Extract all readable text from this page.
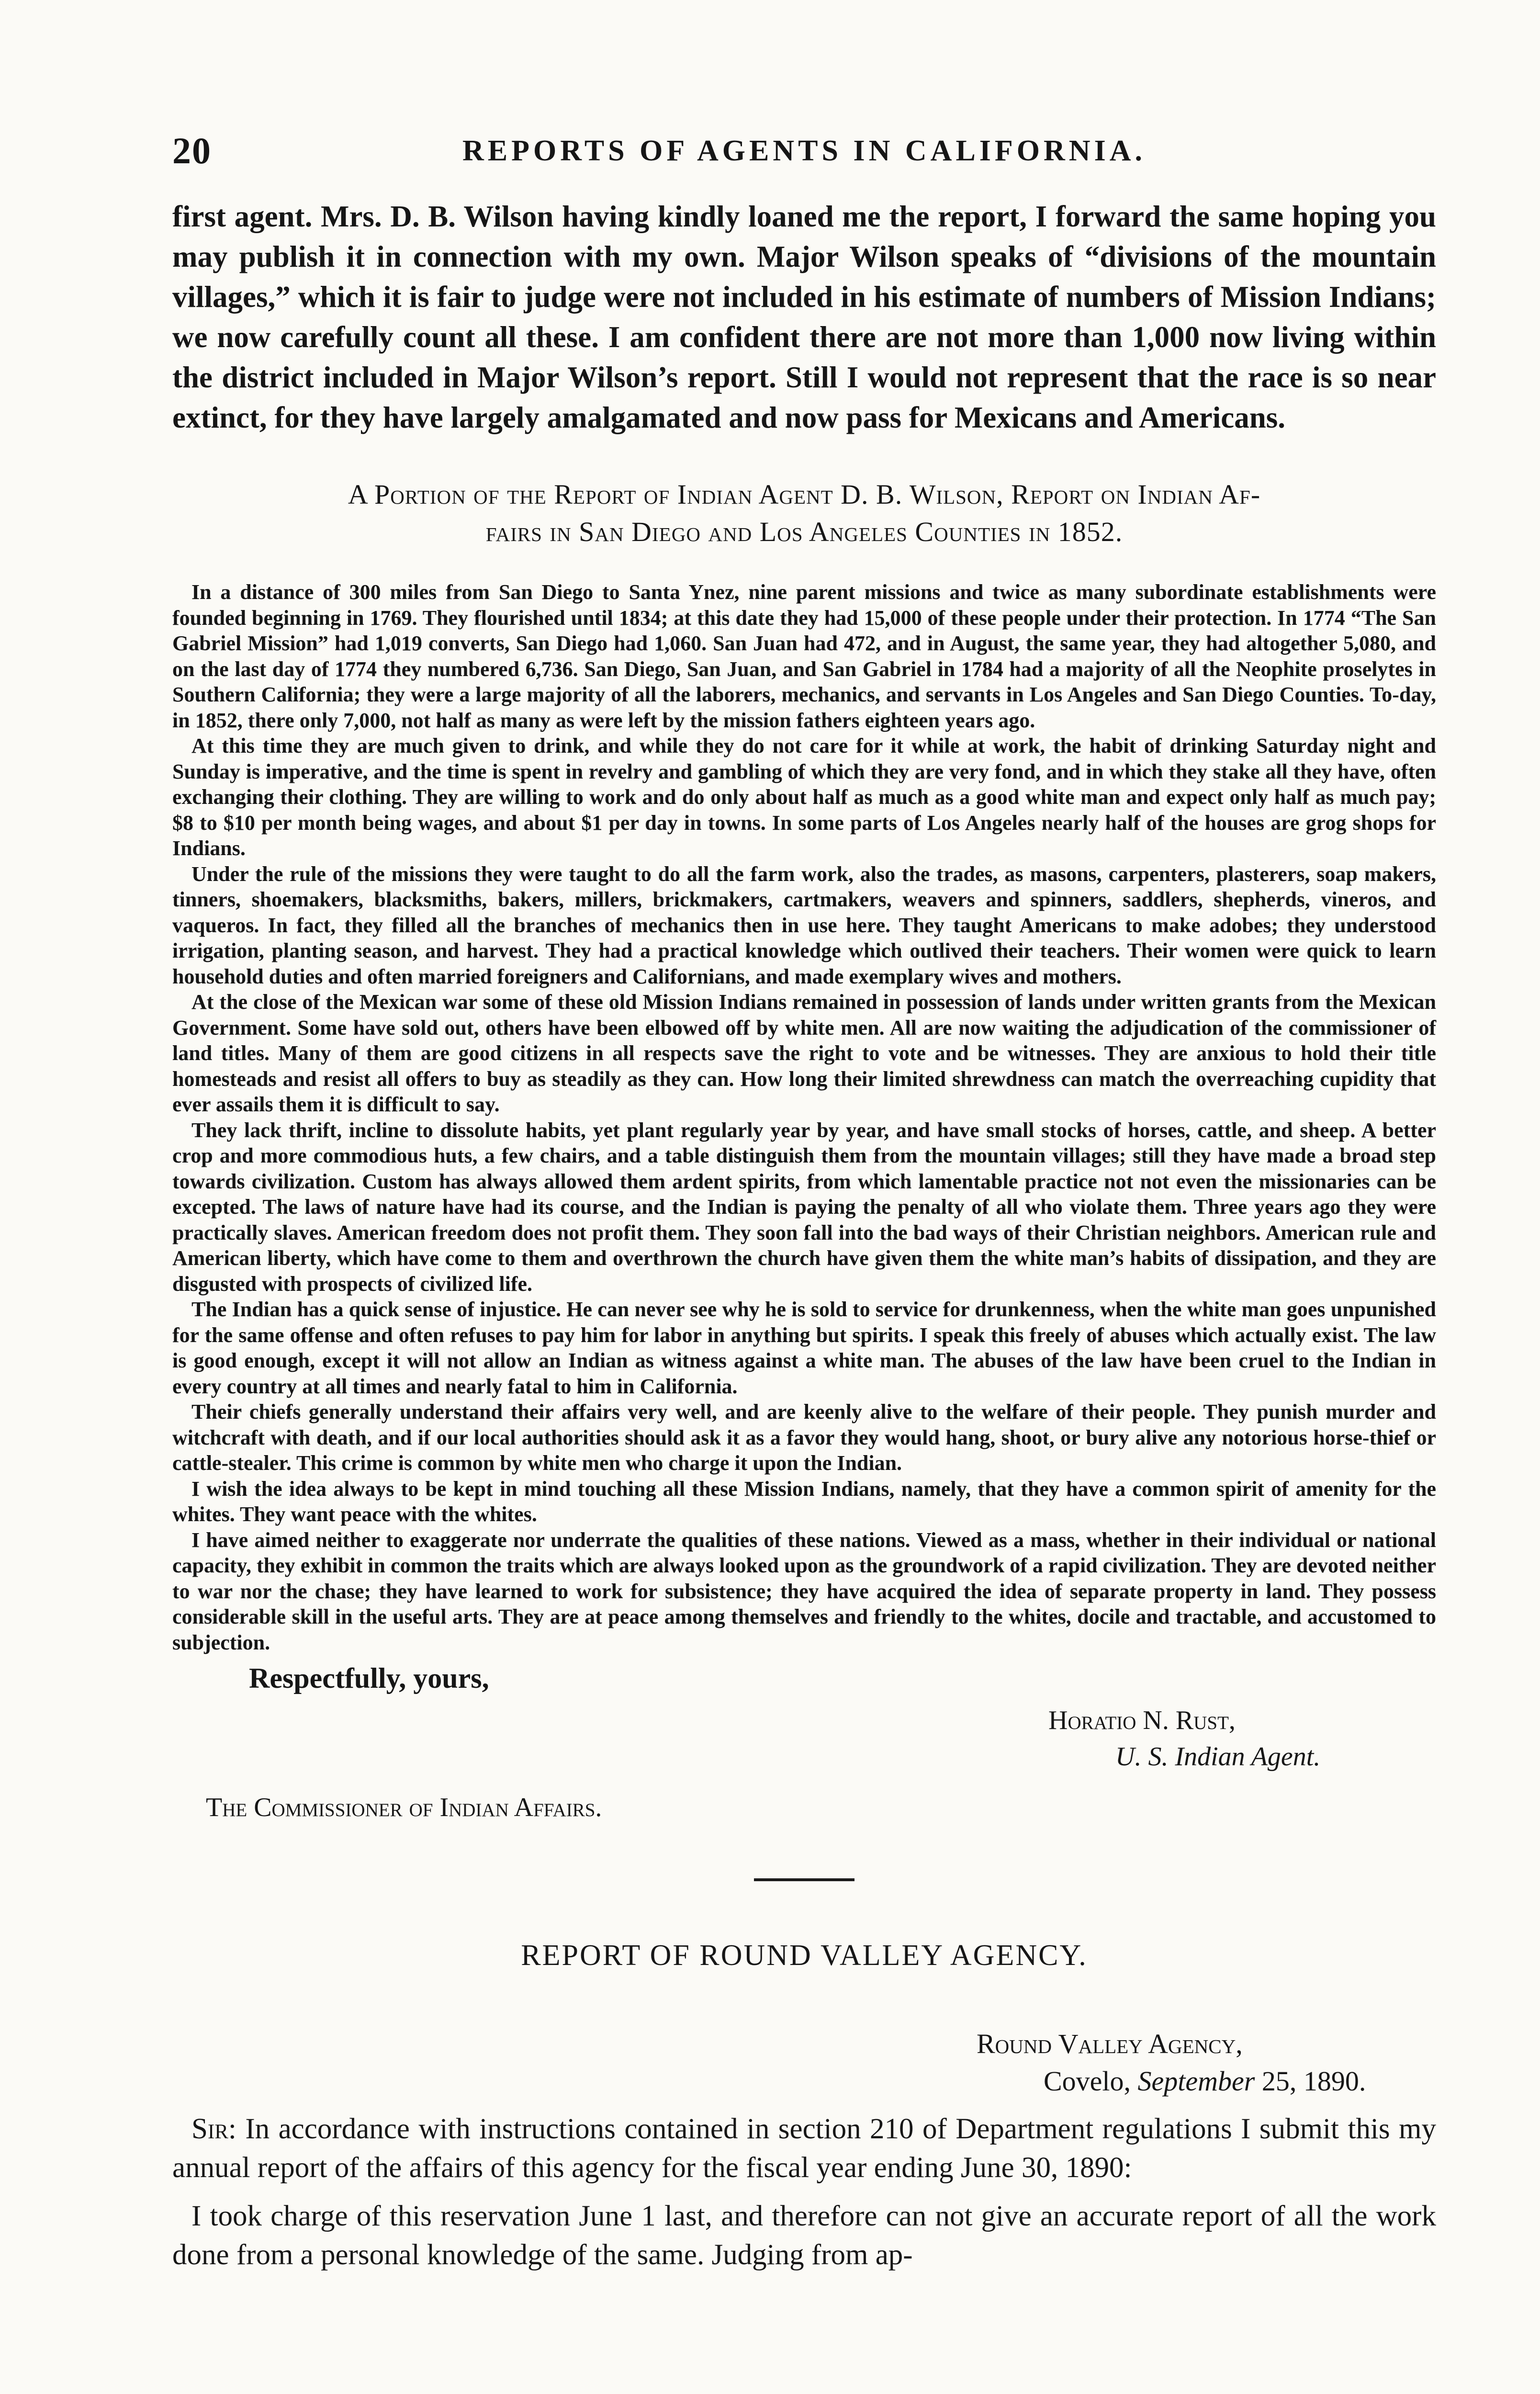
20	REPORTS OF AGENTS IN CALIFORNIA.

first agent. Mrs. D. B. Wilson having kindly loaned me the report, I forward the same hoping you may publish it in connection with my own. Major Wilson speaks of “divisions of the mountain villages,” which it is fair to judge were not included in his estimate of numbers of Mission Indians; we now carefully count all these. I am confident there are not more than 1,000 now living within the district included in Major Wilson’s report. Still I would not represent that the race is so near extinct, for they have largely amalgamated and now pass for Mexicans and Americans.

A Portion of the Report of Indian Agent D. B. Wilson, Report on Indian Af-
fairs in San Diego and Los Angeles Counties in 1852.

In a distance of 300 miles from San Diego to Santa Ynez, nine parent missions and twice as many subordinate establishments were founded beginning in 1769. They flourished until 1834; at this date they had 15,000 of these people under their protection. In 1774 “The San Gabriel Mission” had 1,019 converts, San Diego had 1,060. San Juan had 472, and in August, the same year, they had altogether 5,080, and on the last day of 1774 they numbered 6,736. San Diego, San Juan, and San Gabriel in 1784 had a majority of all the Neophite proselytes in Southern California; they were a large majority of all the laborers, mechanics, and servants in Los Angeles and San Diego Counties. To-day, in 1852, there only 7,000, not half as many as were left by the mission fathers eighteen years ago.

At this time they are much given to drink, and while they do not care for it while at work, the habit of drinking Saturday night and Sunday is imperative, and the time is spent in revelry and gambling of which they are very fond, and in which they stake all they have, often exchanging their clothing. They are willing to work and do only about half as much as a good white man and expect only half as much pay; $8 to $10 per month being wages, and about $1 per day in towns. In some parts of Los Angeles nearly half of the houses are grog shops for Indians.

Under the rule of the missions they were taught to do all the farm work, also the trades, as masons, carpenters, plasterers, soap makers, tinners, shoemakers, blacksmiths, bakers, millers, brickmakers, cartmakers, weavers and spinners, saddlers, shepherds, vineros, and vaqueros. In fact, they filled all the branches of mechanics then in use here. They taught Americans to make adobes; they understood irrigation, planting season, and harvest. They had a practical knowledge which outlived their teachers. Their women were quick to learn household duties and often married foreigners and Californians, and made exemplary wives and mothers.

At the close of the Mexican war some of these old Mission Indians remained in possession of lands under written grants from the Mexican Government. Some have sold out, others have been elbowed off by white men. All are now waiting the adjudication of the commissioner of land titles. Many of them are good citizens in all respects save the right to vote and be witnesses. They are anxious to hold their title homesteads and resist all offers to buy as steadily as they can. How long their limited shrewdness can match the overreaching cupidity that ever assails them it is difficult to say.

They lack thrift, incline to dissolute habits, yet plant regularly year by year, and have small stocks of horses, cattle, and sheep. A better crop and more commodious huts, a few chairs, and a table distinguish them from the mountain villages; still they have made a broad step towards civilization. Custom has always allowed them ardent spirits, from which lamentable practice not not even the missionaries can be excepted. The laws of nature have had its course, and the Indian is paying the penalty of all who violate them. Three years ago they were practically slaves. American freedom does not profit them. They soon fall into the bad ways of their Christian neighbors. American rule and American liberty, which have come to them and overthrown the church have given them the white man’s habits of dissipation, and they are disgusted with prospects of civilized life.

The Indian has a quick sense of injustice. He can never see why he is sold to service for drunkenness, when the white man goes unpunished for the same offense and often refuses to pay him for labor in anything but spirits. I speak this freely of abuses which actually exist. The law is good enough, except it will not allow an Indian as witness against a white man. The abuses of the law have been cruel to the Indian in every country at all times and nearly fatal to him in California.

Their chiefs generally understand their affairs very well, and are keenly alive to the welfare of their people. They punish murder and witchcraft with death, and if our local authorities should ask it as a favor they would hang, shoot, or bury alive any notorious horse-thief or cattle-stealer. This crime is common by white men who charge it upon the Indian.

I wish the idea always to be kept in mind touching all these Mission Indians, namely, that they have a common spirit of amenity for the whites. They want peace with the whites.

I have aimed neither to exaggerate nor underrate the qualities of these nations. Viewed as a mass, whether in their individual or national capacity, they exhibit in common the traits which are always looked upon as the groundwork of a rapid civilization. They are devoted neither to war nor the chase; they have learned to work for subsistence; they have acquired the idea of separate property in land. They possess considerable skill in the useful arts. They are at peace among themselves and friendly to the whites, docile and tractable, and accustomed to subjection.

Respectfully, yours,
Horatio N. Rust,
U. S. Indian Agent.
The Commissioner of Indian Affairs.
REPORT OF ROUND VALLEY AGENCY.
Round Valley Agency,
Covelo, September 25, 1890.

Sir: In accordance with instructions contained in section 210 of Department regulations I submit this my annual report of the affairs of this agency for the fiscal year ending June 30, 1890:

I took charge of this reservation June 1 last, and therefore can not give an accurate report of all the work done from a personal knowledge of the same. Judging from ap-
